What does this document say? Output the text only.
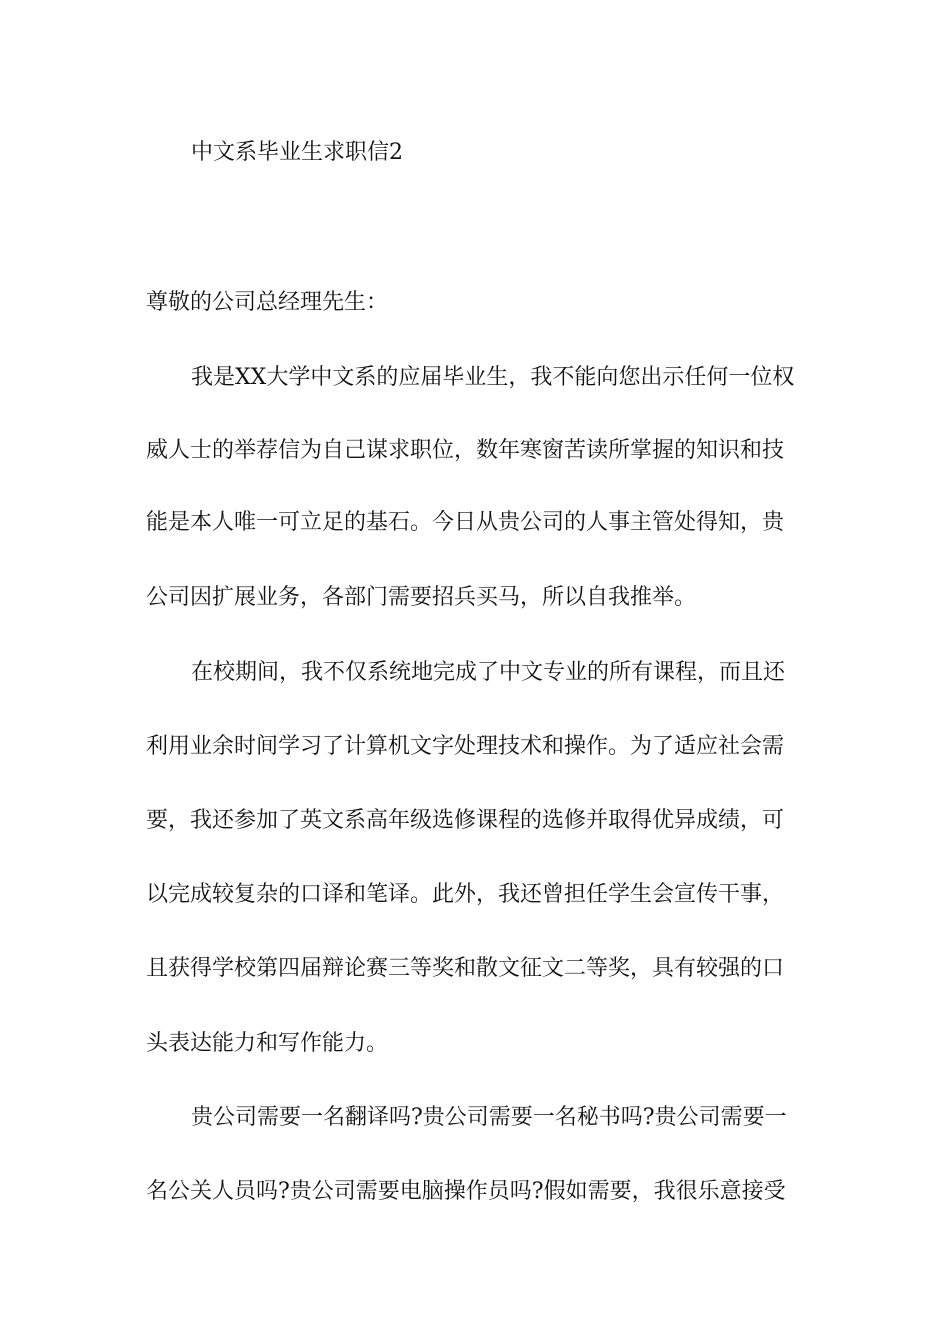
中文系毕业生求职信2

尊敬的公司总经理先生：

我是XX大学中文系的应届毕业生，我不能向您出示任何一位权

威人士的举荐信为自己谋求职位，数年寒窗苦读所掌握的知识和技

能是本人唯一可立足的基石。今日从贵公司的人事主管处得知，贵

公司因扩展业务，各部门需要招兵买马，所以自我推举。

在校期间，我不仅系统地完成了中文专业的所有课程，而且还

利用业余时间学习了计算机文字处理技术和操作。为了适应社会需

要，我还参加了英文系高年级选修课程的选修并取得优异成绩，可

以完成较复杂的口译和笔译。此外，我还曾担任学生会宣传干事，

且获得学校第四届辩论赛三等奖和散文征文二等奖，具有较强的口

头表达能力和写作能力。

贵公司需要一名翻译吗?贵公司需要一名秘书吗?贵公司需要一

名公关人员吗?贵公司需要电脑操作员吗?假如需要，我很乐意接受
